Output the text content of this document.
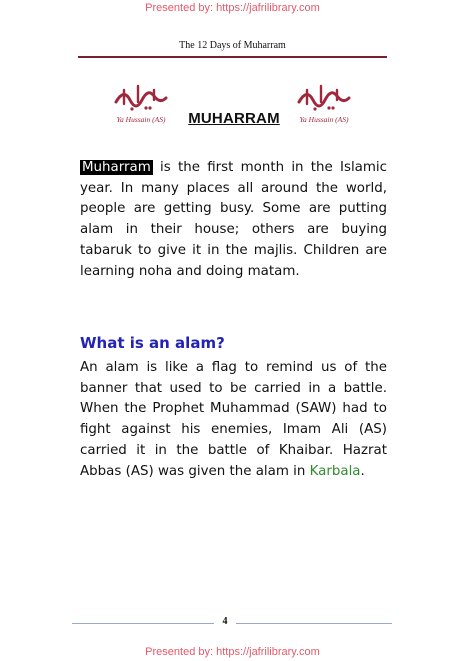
Presented by: https://jafrilibrary.com
The 12 Days of Muharram
Ya Hussain (AS)	MUHARRAM	Ya Hussain (AS)

Muharram is the first month in the Islamic year. In many places all around the world, people are getting busy. Some are putting alam in their house; others are buying tabaruk to give it in the majlis. Children are learning noha and doing matam.

What is an alam?

An alam is like a flag to remind us of the banner that used to be carried in a battle. When the Prophet Muhammad (SAW) had to fight against his enemies, Imam Ali (AS) carried it in the battle of Khaibar. Hazrat Abbas (AS) was given the alam in Karbala.

4
Presented by: https://jafrilibrary.com
